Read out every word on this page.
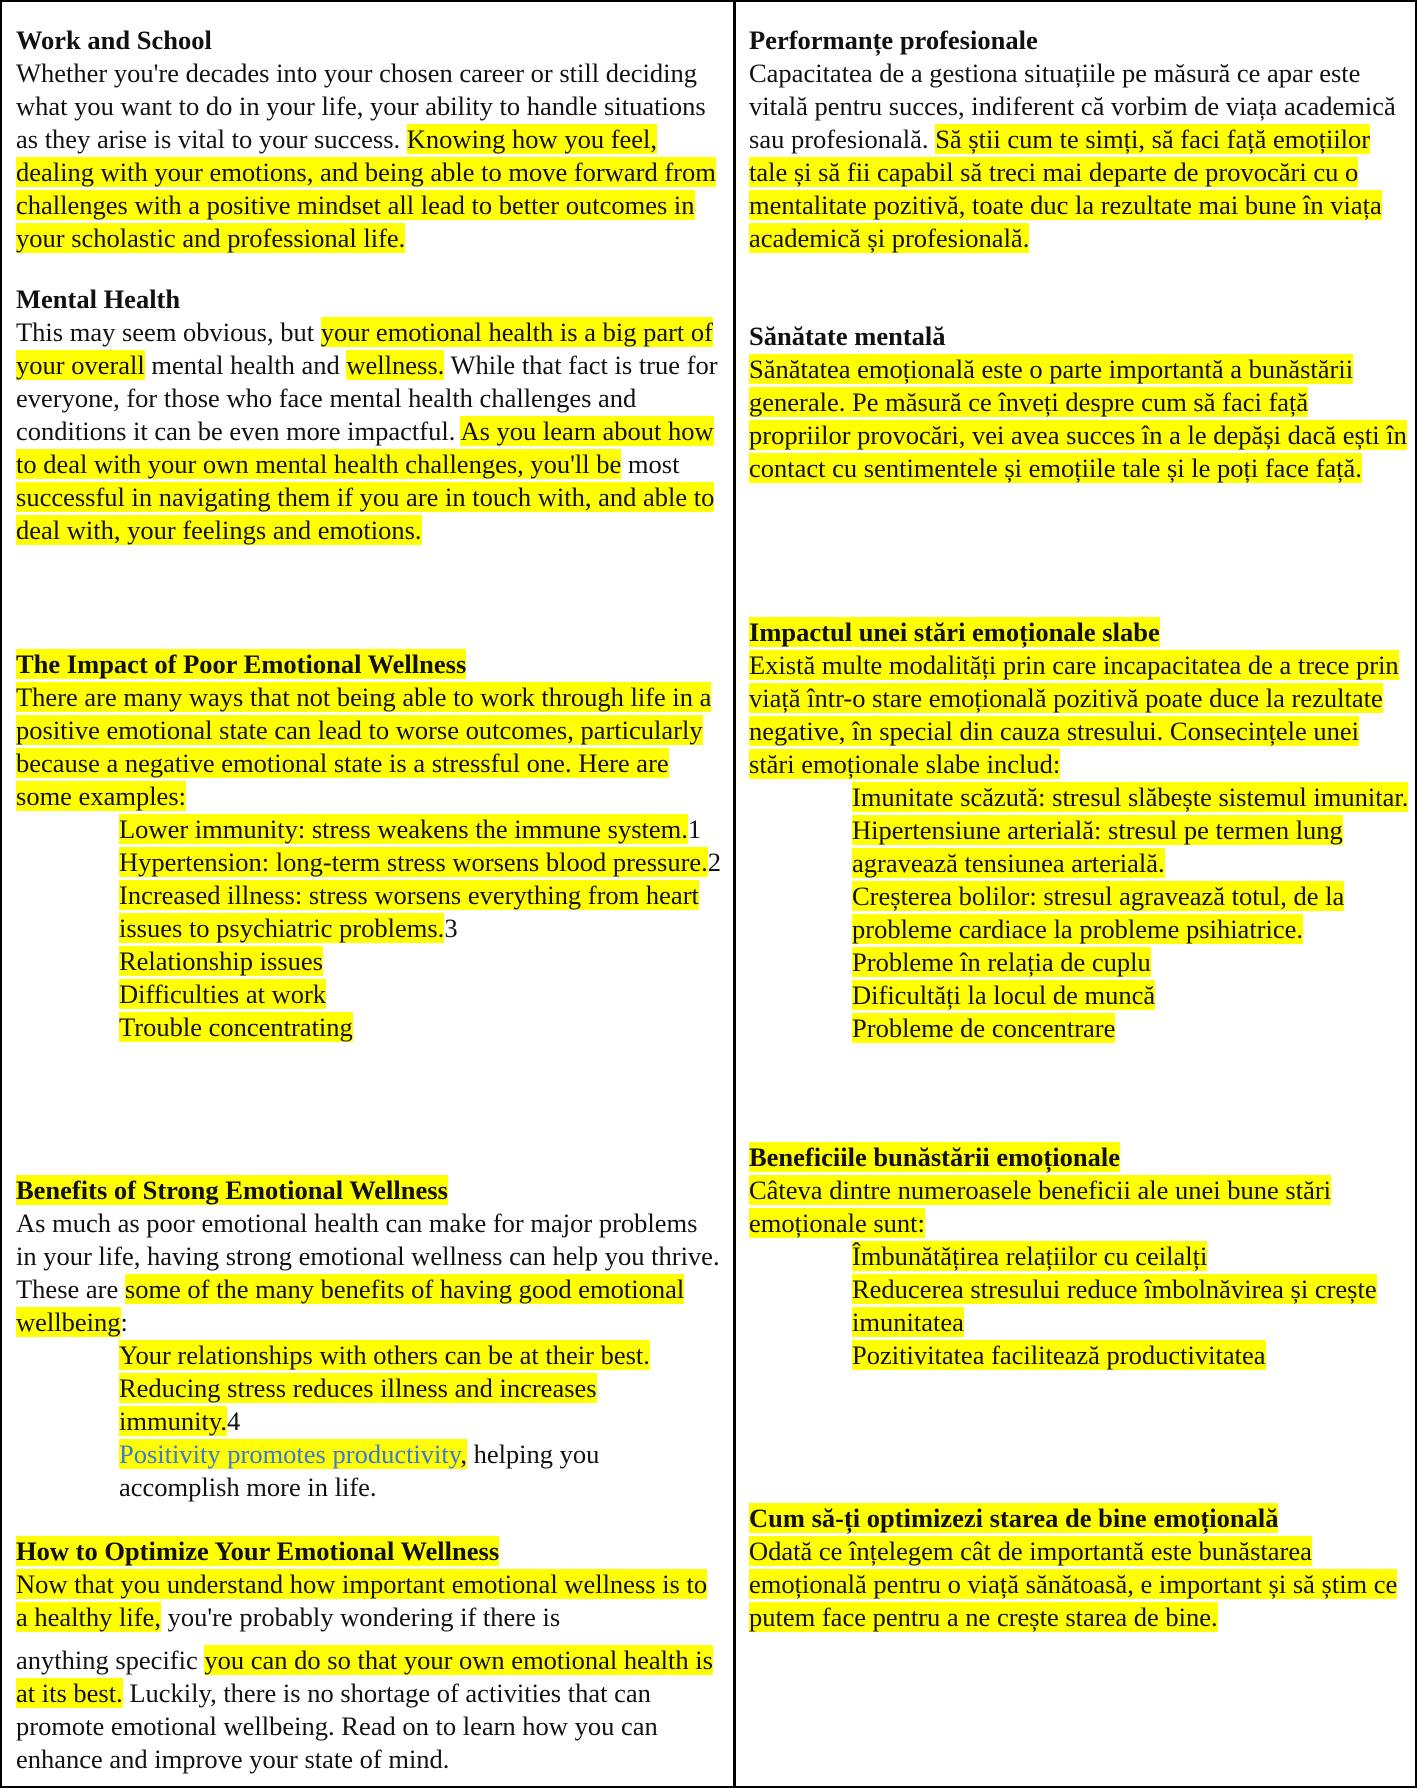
Work and School

Whether you're decades into your chosen career or still deciding what you want to do in your life, your ability to handle situations as they arise is vital to your success. Knowing how you feel, dealing with your emotions, and being able to move forward from challenges with a positive mindset all lead to better outcomes in your scholastic and professional life.

Mental Health

This may seem obvious, but your emotional health is a big part of your overall mental health and wellness. While that fact is true for everyone, for those who face mental health challenges and conditions it can be even more impactful. As you learn about how to deal with your own mental health challenges, you'll be most successful in navigating them if you are in touch with, and able to deal with, your feelings and emotions.

The Impact of Poor Emotional Wellness

There are many ways that not being able to work through life in a positive emotional state can lead to worse outcomes, particularly because a negative emotional state is a stressful one. Here are some examples:

Lower immunity: stress weakens the immune system.1
Hypertension: long-term stress worsens blood pressure.2
Increased illness: stress worsens everything from heart issues to psychiatric problems.3
Relationship issues
Difficulties at work
Trouble concentrating
Benefits of Strong Emotional Wellness

As much as poor emotional health can make for major problems in your life, having strong emotional wellness can help you thrive. These are some of the many benefits of having good emotional wellbeing:

Your relationships with others can be at their best.
Reducing stress reduces illness and increases immunity.4
Positivity promotes productivity, helping you accomplish more in life.
How to Optimize Your Emotional Wellness

Now that you understand how important emotional wellness is to a healthy life, you're probably wondering if there is

anything specific you can do so that your own emotional health is at its best. Luckily, there is no shortage of activities that can promote emotional wellbeing. Read on to learn how you can enhance and improve your state of mind.

Performanțe profesionale

Capacitatea de a gestiona situațiile pe măsură ce apar este vitală pentru succes, indiferent că vorbim de viața academică sau profesională. Să știi cum te simți, să faci față emoțiilor tale și să fii capabil să treci mai departe de provocări cu o mentalitate pozitivă, toate duc la rezultate mai bune în viața academică și profesională.

Sănătate mentală

Sănătatea emoțională este o parte importantă a bunăstării generale. Pe măsură ce înveți despre cum să faci față propriilor provocări, vei avea succes în a le depăși dacă ești în contact cu sentimentele și emoțiile tale și le poți face față.

Impactul unei stări emoționale slabe

Există multe modalități prin care incapacitatea de a trece prin viață într-o stare emoțională pozitivă poate duce la rezultate negative, în special din cauza stresului. Consecințele unei stări emoționale slabe includ:

Imunitate scăzută: stresul slăbește sistemul imunitar.
Hipertensiune arterială: stresul pe termen lung agravează tensiunea arterială.
Creșterea bolilor: stresul agravează totul, de la probleme cardiace la probleme psihiatrice.
Probleme în relația de cuplu
Dificultăți la locul de muncă
Probleme de concentrare
Beneficiile bunăstării emoționale

Câteva dintre numeroasele beneficii ale unei bune stări emoționale sunt:

Îmbunătățirea relațiilor cu ceilalți
Reducerea stresului reduce îmbolnăvirea și crește imunitatea
Pozitivitatea facilitează productivitatea
Cum să-ți optimizezi starea de bine emoțională

Odată ce înțelegem cât de importantă este bunăstarea emoțională pentru o viață sănătoasă, e important și să știm ce putem face pentru a ne crește starea de bine.
